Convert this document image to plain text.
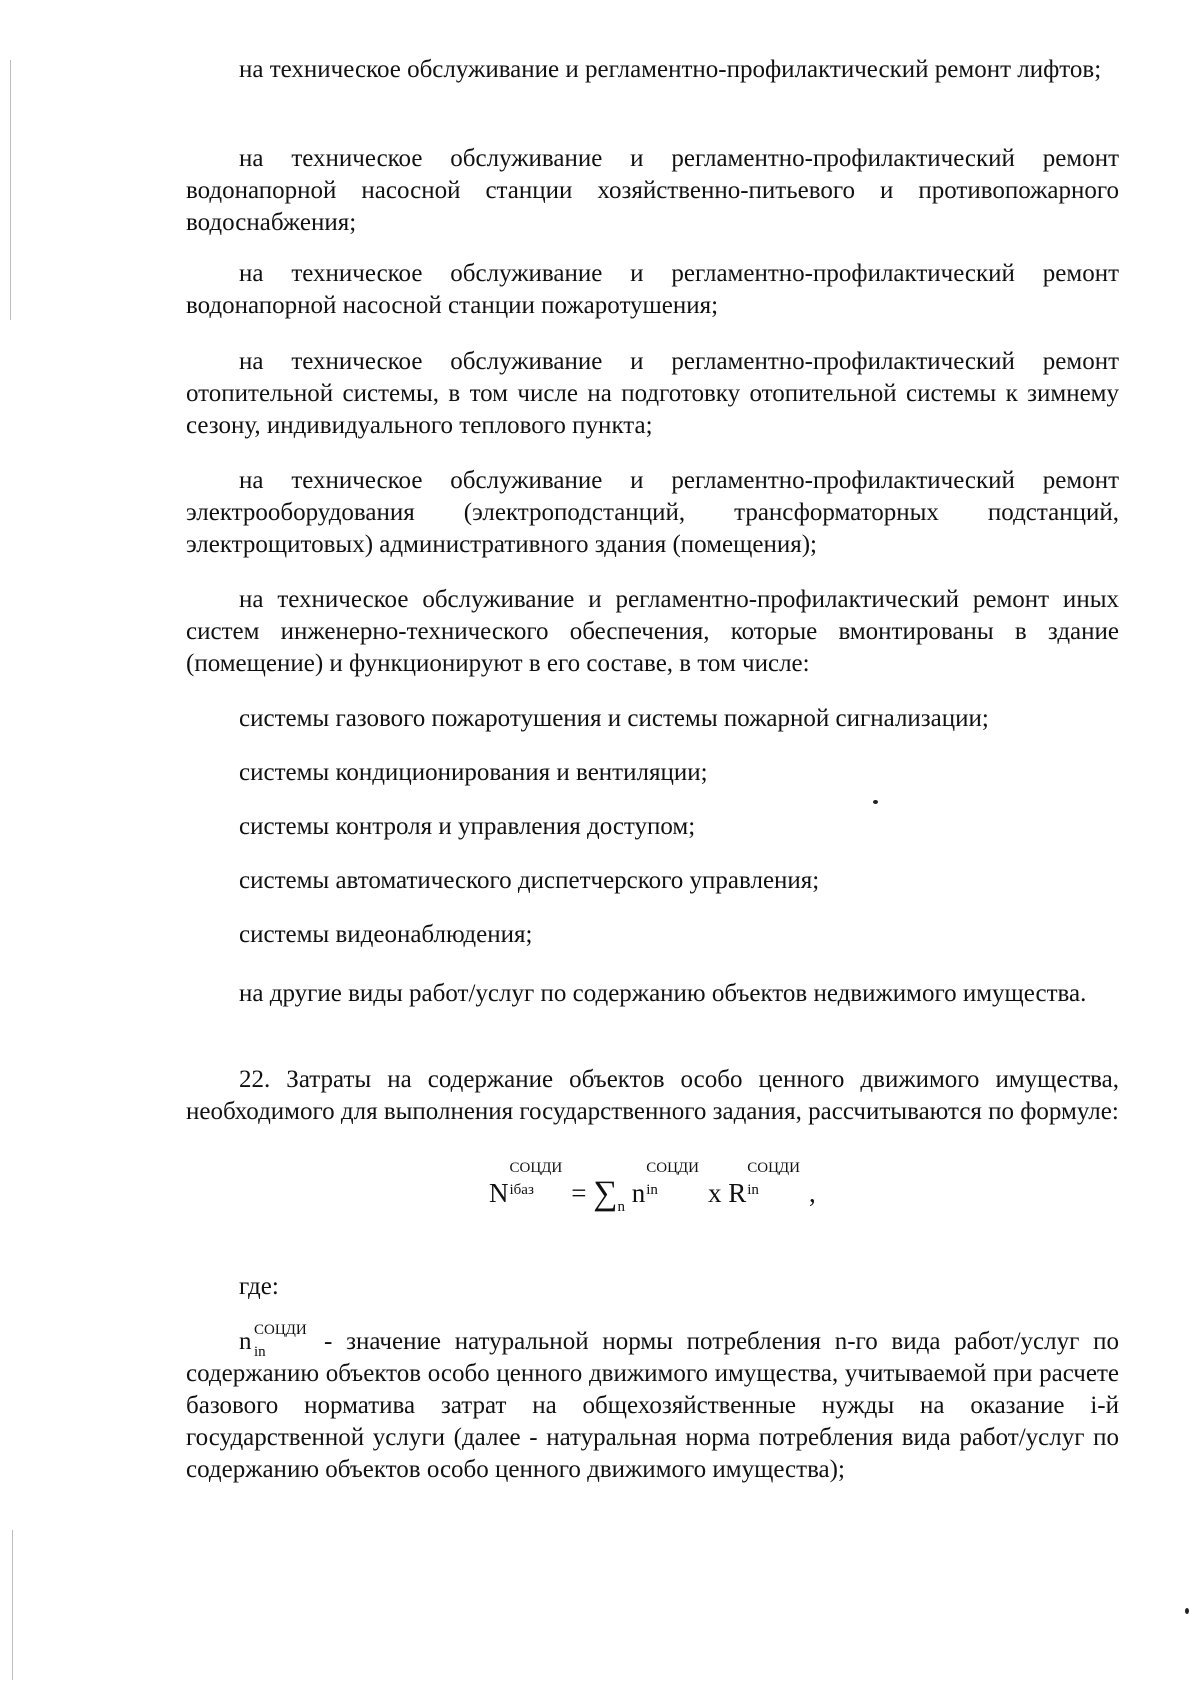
на техническое обслуживание и регламентно-профилактический ремонт лифтов;

на техническое обслуживание и регламентно-профилактический ремонт водонапорной насосной станции хозяйственно-питьевого и противопожарного водоснабжения;

на техническое обслуживание и регламентно-профилактический ремонт водонапорной насосной станции пожаротушения;

на техническое обслуживание и регламентно-профилактический ремонт отопительной системы, в том числе на подготовку отопительной системы к зимнему сезону, индивидуального теплового пункта;

на техническое обслуживание и регламентно-профилактический ремонт электрооборудования (электроподстанций, трансформаторных подстанций, электрощитовых) административного здания (помещения);

на техническое обслуживание и регламентно-профилактический ремонт иных систем инженерно-технического обеспечения, которые вмонтированы в здание (помещение) и функционируют в его составе, в том числе:

системы газового пожаротушения и системы пожарной сигнализации;

системы кондиционирования и вентиляции;

системы контроля и управления доступом;

системы автоматического диспетчерского управления;

системы видеонаблюдения;

на другие виды работ/услуг по содержанию объектов недвижимого имущества.

22. Затраты на содержание объектов особо ценного движимого имущества, необходимого для выполнения государственного задания, рассчитываются по формуле:

где:

n СОЦДИ
in - значение натуральной нормы потребления n-го вида работ/услуг по содержанию объектов особо ценного движимого имущества, учитываемой при расчете базового норматива затрат на общехозяйственные нужды на оказание i-й государственной услуги (далее - натуральная норма потребления вида работ/услуг по содержанию объектов особо ценного движимого имущества);
N
СОЦДИ
iбаз = $\sum_n$ n
СОЦДИ
in x R
СОЦДИ
in ,
